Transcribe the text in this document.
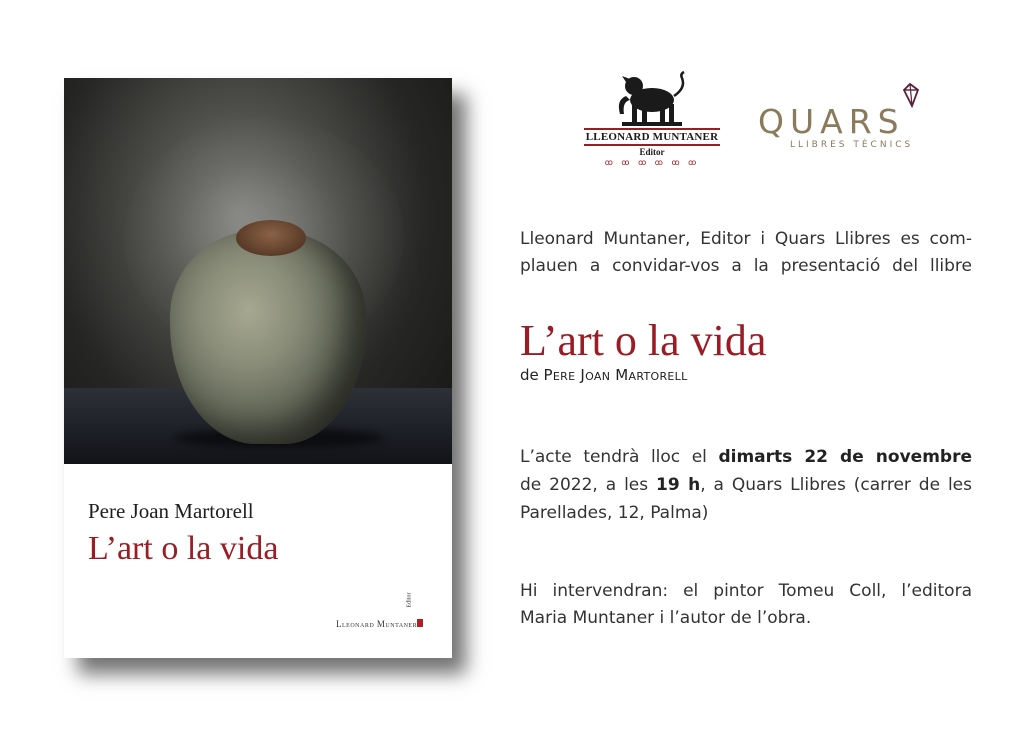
Pere Joan Martorell
L’art o la vida
Lleonard Muntaner
Editor
LLEONARD MUNTANER
Editor
ꝏ ꝏ ꝏ ꝏ ꝏ ꝏ
QUARS
LLIBRES TÈCNICS
Lleonard Muntaner, Editor i Quars Llibres es com-
plauen a convidar-vos a la presentació del llibre
L’art o la vida
de Pere Joan Martorell
L’acte tendrà lloc el dimarts 22 de novembre
de 2022, a les 19 h, a Quars Llibres (carrer de les
Parellades, 12, Palma)
Hi intervendran: el pintor Tomeu Coll, l’editora
Maria Muntaner i l’autor de l’obra.
